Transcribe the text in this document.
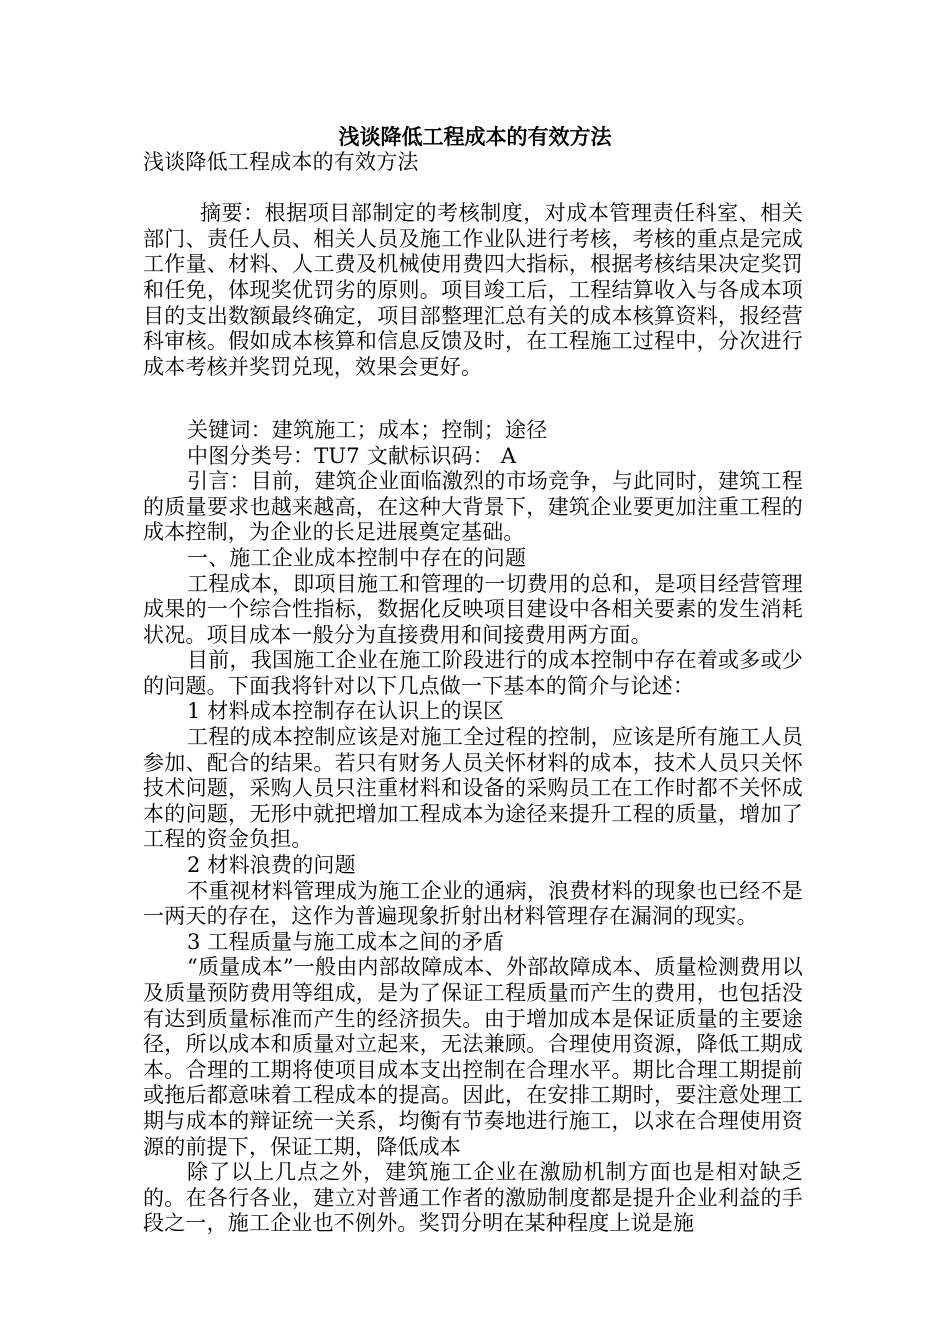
浅谈降低工程成本的有效方法

浅谈降低工程成本的有效方法

摘要：根据项目部制定的考核制度，对成本管理责任科室、相关部门、责任人员、相关人员及施工作业队进行考核，考核的重点是完成工作量、材料、人工费及机械使用费四大指标，根据考核结果决定奖罚和任免，体现奖优罚劣的原则。项目竣工后，工程结算收入与各成本项目的支出数额最终确定，项目部整理汇总有关的成本核算资料，报经营科审核。假如成本核算和信息反馈及时，在工程施工过程中，分次进行成本考核并奖罚兑现，效果会更好。

关键词：建筑施工；成本；控制；途径

中图分类号：TU7 文献标识码： A

引言：目前，建筑企业面临激烈的市场竞争，与此同时，建筑工程的质量要求也越来越高，在这种大背景下，建筑企业要更加注重工程的成本控制，为企业的长足进展奠定基础。

一、施工企业成本控制中存在的问题

工程成本，即项目施工和管理的一切费用的总和，是项目经营管理成果的一个综合性指标，数据化反映项目建设中各相关要素的发生消耗状况。项目成本一般分为直接费用和间接费用两方面。

目前，我国施工企业在施工阶段进行的成本控制中存在着或多或少的问题。下面我将针对以下几点做一下基本的简介与论述：

1 材料成本控制存在认识上的误区

工程的成本控制应该是对施工全过程的控制，应该是所有施工人员参加、配合的结果。若只有财务人员关怀材料的成本，技术人员只关怀技术问题，采购人员只注重材料和设备的采购员工在工作时都不关怀成本的问题，无形中就把增加工程成本为途径来提升工程的质量，增加了工程的资金负担。

2 材料浪费的问题

不重视材料管理成为施工企业的通病，浪费材料的现象也已经不是一两天的存在，这作为普遍现象折射出材料管理存在漏洞的现实。

3 工程质量与施工成本之间的矛盾

“质量成本”一般由内部故障成本、外部故障成本、质量检测费用以及质量预防费用等组成，是为了保证工程质量而产生的费用，也包括没有达到质量标准而产生的经济损失。由于增加成本是保证质量的主要途径，所以成本和质量对立起来，无法兼顾。合理使用资源，降低工期成本。合理的工期将使项目成本支出控制在合理水平。期比合理工期提前或拖后都意味着工程成本的提高。因此，在安排工期时，要注意处理工期与成本的辩证统一关系，均衡有节奏地进行施工，以求在合理使用资源的前提下，保证工期，降低成本

除了以上几点之外，建筑施工企业在激励机制方面也是相对缺乏的。在各行各业，建立对普通工作者的激励制度都是提升企业利益的手段之一，施工企业也不例外。奖罚分明在某种程度上说是施
